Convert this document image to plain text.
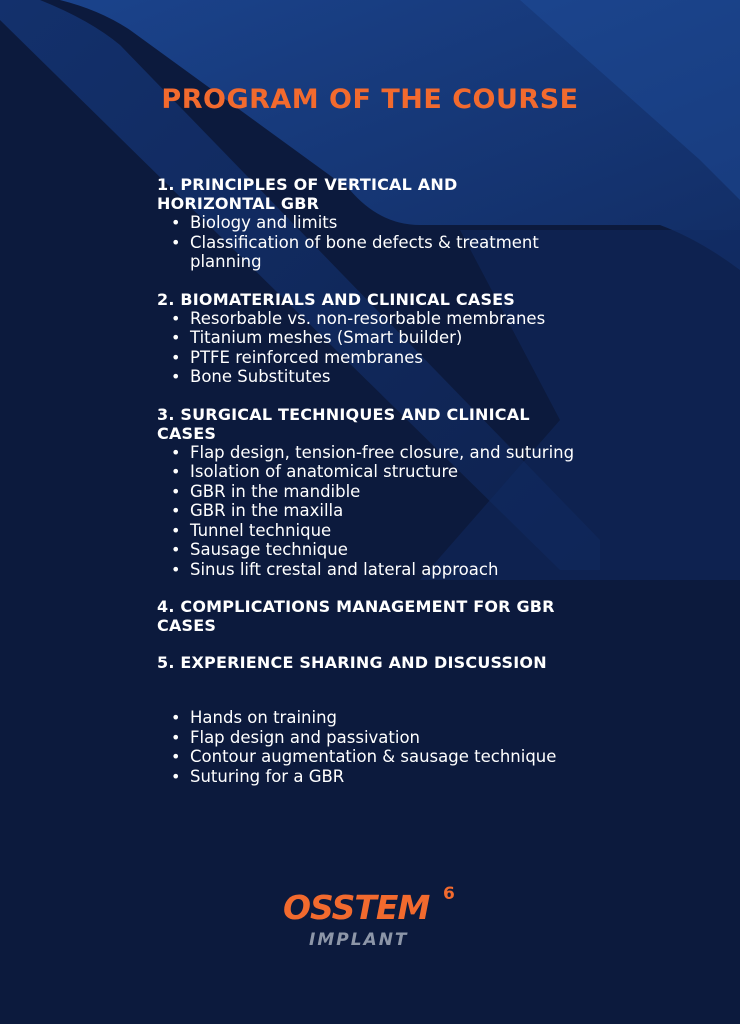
PROGRAM OF THE COURSE
1. PRINCIPLES OF VERTICAL AND HORIZONTAL GBR
• Biology and limits
• Classification of bone defects & treatment planning
2. BIOMATERIALS AND CLINICAL CASES
• Resorbable vs. non-resorbable membranes
• Titanium meshes (Smart builder)
• PTFE reinforced membranes
• Bone Substitutes
3. SURGICAL TECHNIQUES AND CLINICAL CASES
• Flap design, tension-free closure, and suturing
• Isolation of anatomical structure
• GBR in the mandible
• GBR in the maxilla
• Tunnel technique
• Sausage technique
• Sinus lift crestal and lateral approach
4. COMPLICATIONS MANAGEMENT FOR GBR CASES
5. EXPERIENCE SHARING AND DISCUSSION
• Hands on training
• Flap design and passivation
• Contour augmentation & sausage technique
• Suturing for a GBR
OSSTEM 6
IMPLANT
